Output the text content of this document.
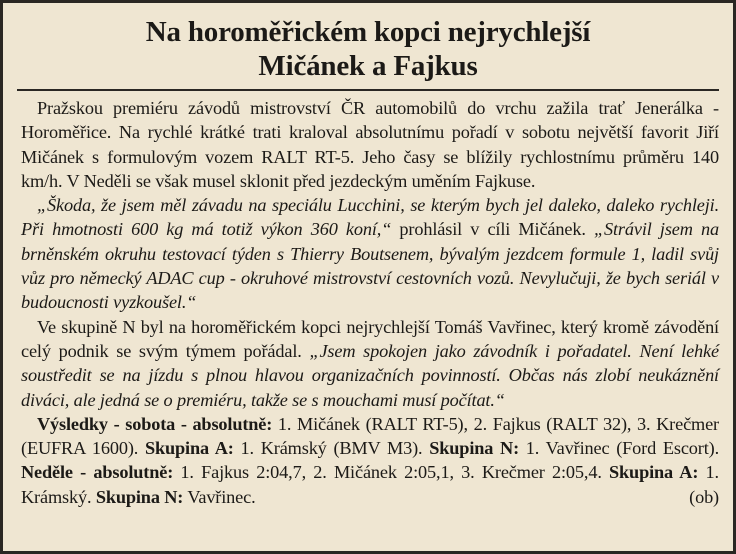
Na horoměřickém kopci nejrychlejší
Mičánek a Fajkus

Pražskou premiéru závodů mistrovství ČR automobilů do vrchu zažila trať Jenerálka - Horoměřice. Na rychlé krátké trati kraloval absolutnímu pořadí v sobotu největší favorit Jiří Mičánek s formulovým vozem RALT RT-5. Jeho časy se blížily rychlostnímu průměru 140 km/h. V Neděli se však musel sklonit před jezdeckým uměním Fajkuse.

„Škoda, že jsem měl závadu na speciálu Lucchini, se kterým bych jel daleko, daleko rychleji. Při hmotnosti 600 kg má totiž výkon 360 koní,“ prohlásil v cíli Mičánek. „Strávil jsem na brněnském okruhu testovací týden s Thierry Boutsenem, bývalým jezdcem formule 1, ladil svůj vůz pro německý ADAC cup - okruhové mistrovství cestovních vozů. Nevylučuji, že bych seriál v budoucnosti vyzkoušel.“

Ve skupině N byl na horoměřickém kopci nejrychlejší Tomáš Vavřinec, který kromě závodění celý podnik se svým týmem pořádal. „Jsem spokojen jako závodník i pořadatel. Není lehké soustředit se na jízdu s plnou hlavou organizačních povinností. Občas nás zlobí neukáznění diváci, ale jedná se o premiéru, takže se s mouchami musí počítat.“

Výsledky - sobota - absolutně: 1. Mičánek (RALT RT-5), 2. Fajkus (RALT 32), 3. Krečmer (EUFRA 1600). Skupina A: 1. Krámský (BMV M3). Skupina N: 1. Vavřinec (Ford Escort). Neděle - absolutně: 1. Fajkus 2:04,7, 2. Mičánek 2:05,1, 3. Krečmer 2:05,4. Skupina A: 1. Krámský. Skupina N: Vavřinec.	(ob)
